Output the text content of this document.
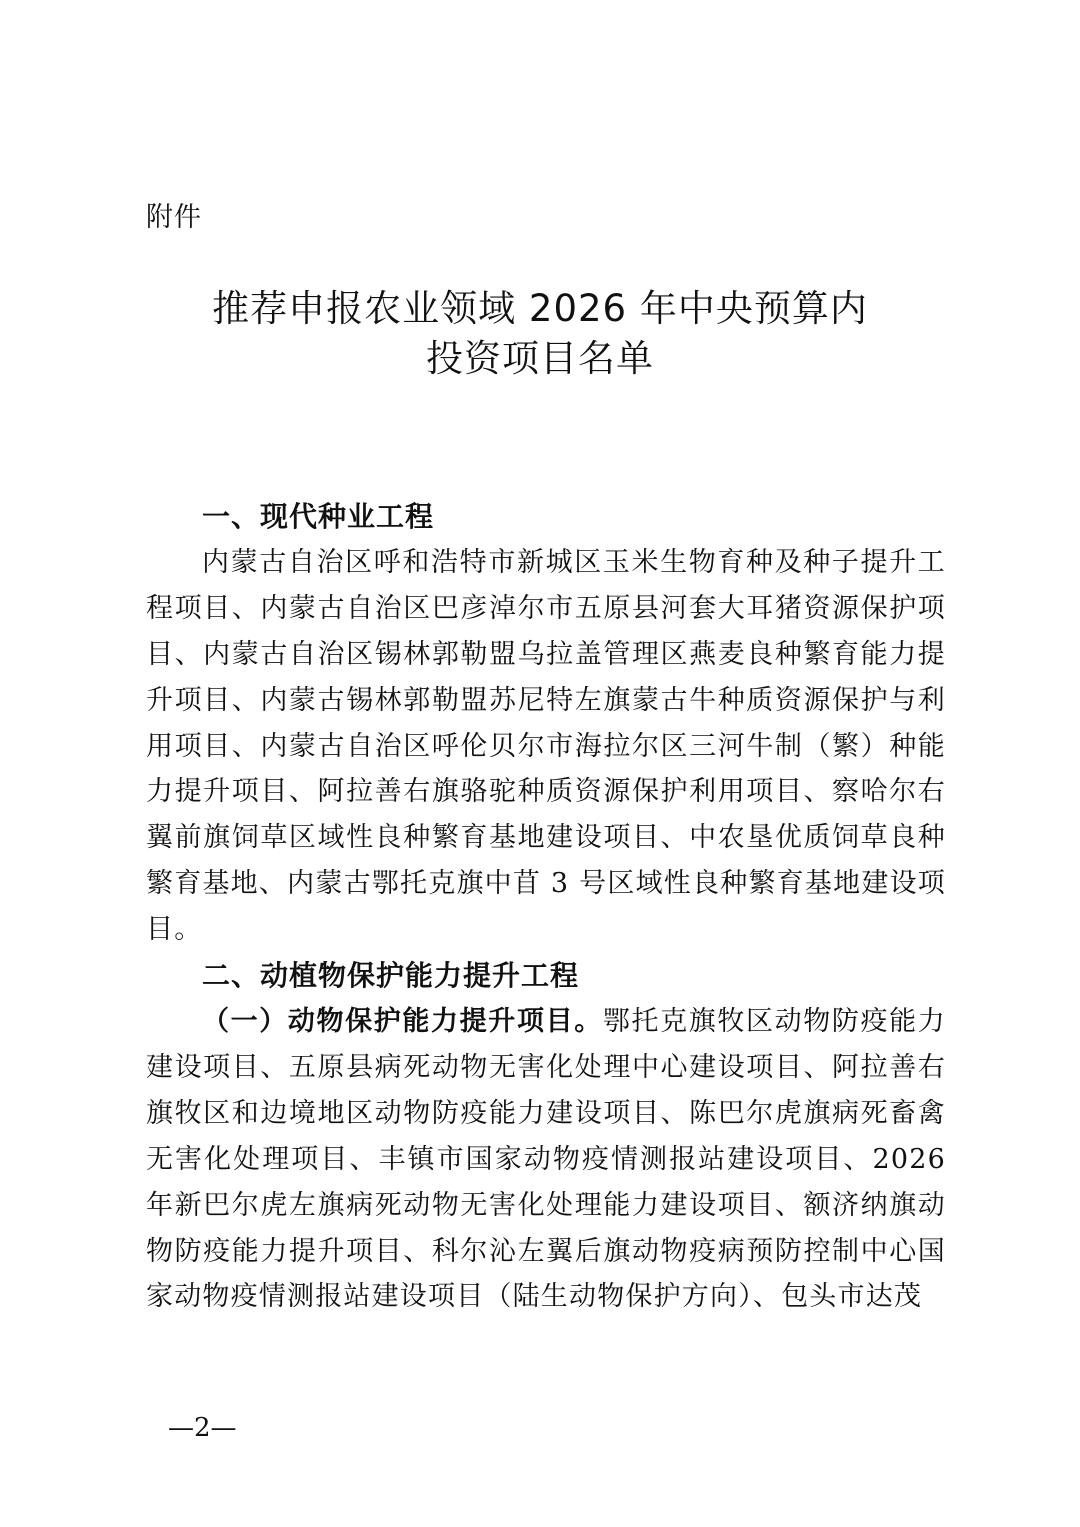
附件
推荐申报农业领域 2026 年中央预算内
投资项目名单

一、现代种业工程

内蒙古自治区呼和浩特市新城区玉米生物育种及种子提升工程项目、内蒙古自治区巴彦淖尔市五原县河套大耳猪资源保护项目、内蒙古自治区锡林郭勒盟乌拉盖管理区燕麦良种繁育能力提升项目、内蒙古锡林郭勒盟苏尼特左旗蒙古牛种质资源保护与利用项目、内蒙古自治区呼伦贝尔市海拉尔区三河牛制（繁）种能力提升项目、阿拉善右旗骆驼种质资源保护利用项目、察哈尔右翼前旗饲草区域性良种繁育基地建设项目、中农垦优质饲草良种繁育基地、内蒙古鄂托克旗中苜 3 号区域性良种繁育基地建设项目。

二、动植物保护能力提升工程

（一）动物保护能力提升项目。鄂托克旗牧区动物防疫能力建设项目、五原县病死动物无害化处理中心建设项目、阿拉善右旗牧区和边境地区动物防疫能力建设项目、陈巴尔虎旗病死畜禽无害化处理项目、丰镇市国家动物疫情测报站建设项目、2026 年新巴尔虎左旗病死动物无害化处理能力建设项目、额济纳旗动物防疫能力提升项目、科尔沁左翼后旗动物疫病预防控制中心国家动物疫情测报站建设项目（陆生动物保护方向）、包头市达茂

—2—
